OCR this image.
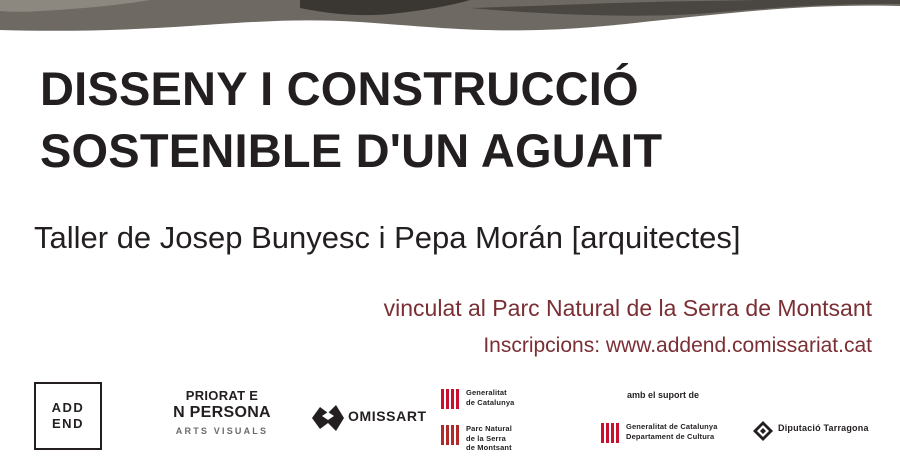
DISSENY I CONSTRUCCIÓ
SOSTENIBLE D'UN AGUAIT
Taller de Josep Bunyesc i Pepa Morán [arquitectes]
vinculat al Parc Natural de la Serra de Montsant
Inscripcions: www.addend.comissariat.cat
ADD
END
PRIORAT E
N PERSONA
ARTS VISUALS
OMISSART
Generalitat
de Catalunya
Parc Natural
de la Serra
de Montsant
amb el suport de
Generalitat de Catalunya
Departament de Cultura
Diputació Tarragona
